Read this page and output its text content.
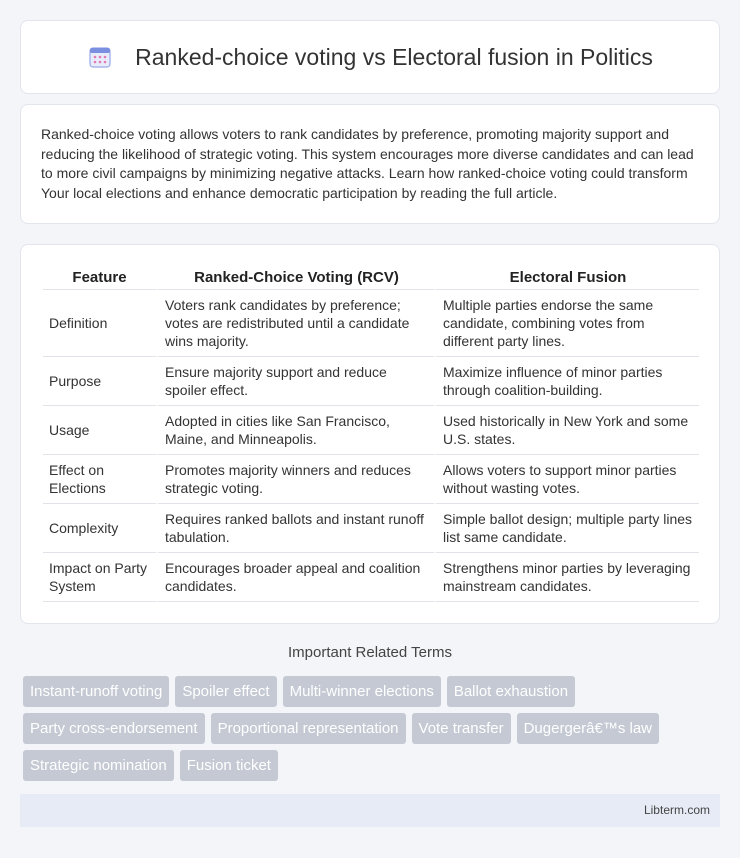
Ranked-choice voting vs Electoral fusion in Politics

Ranked-choice voting allows voters to rank candidates by preference, promoting majority support and reducing the likelihood of strategic voting. This system encourages more diverse candidates and can lead to more civil campaigns by minimizing negative attacks. Learn how ranked-choice voting could transform Your local elections and enhance democratic participation by reading the full article.

Feature	Ranked-Choice Voting (RCV)	Electoral Fusion
Definition	Voters rank candidates by preference; votes are redistributed until a candidate wins majority.	Multiple parties endorse the same candidate, combining votes from different party lines.
Purpose	Ensure majority support and reduce spoiler effect.	Maximize influence of minor parties through coalition-building.
Usage	Adopted in cities like San Francisco, Maine, and Minneapolis.	Used historically in New York and some U.S. states.
Effect on Elections	Promotes majority winners and reduces strategic voting.	Allows voters to support minor parties without wasting votes.
Complexity	Requires ranked ballots and instant runoff tabulation.	Simple ballot design; multiple party lines list same candidate.
Impact on Party System	Encourages broader appeal and coalition candidates.	Strengthens minor parties by leveraging mainstream candidates.
Important Related Terms
Instant-runoff voting	Spoiler effect	Multi-winner elections	Ballot exhaustion
Party cross-endorsement	Proportional representation	Vote transfer	Dugergerâ€™s law
Strategic nomination	Fusion ticket
Libterm.com
